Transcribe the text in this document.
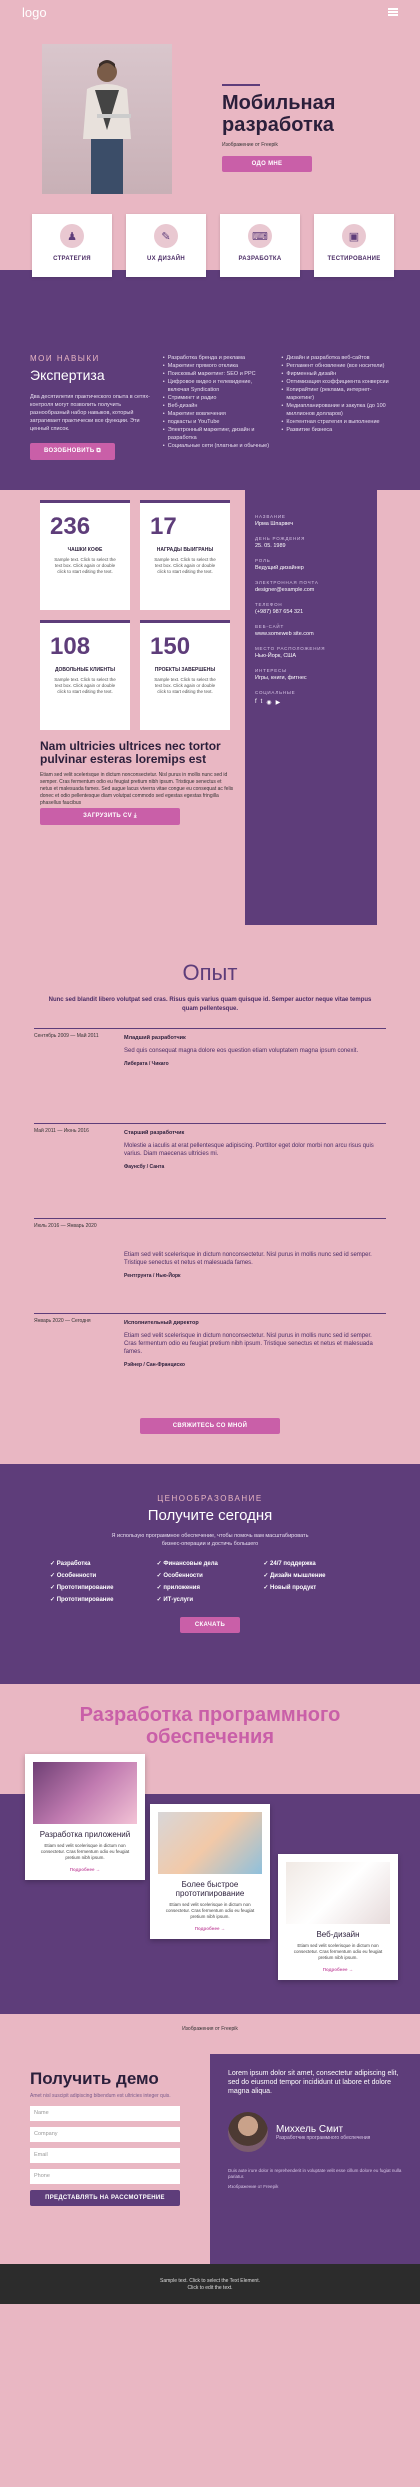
logo
Мобильная разработка
Изображение от Freepik
ОДО МНЕ
♟
СТРАТЕГИЯ
✎
UX ДИЗАЙН
⌨
РАЗРАБОТКА
▣
ТЕСТИРОВАНИЕ
МОИ НАВЫКИ
Экспертиза
Два десятилетия практического опыта в сетях-контроля могут позволить получить разнообразный набор навыков, который затрагивает практически все функции. Эти ценный список.
ВОЗОБНОВИТЬ ⧉
• Разработка бренда и реклама
• Маркетинг прямого отклика
• Поисковый маркетинг: SEO и PPC
• Цифровое видео и телевидение, включая Syndication
• Стримингт и радио
• Веб-дизайн
• Маркетинг вовлечения
• подкасты и YouTube
• Электронный маркетинг, дизайн и разработка
• Социальные сети (платные и обычные)
• Дизайн и разработка веб-сайтов
• Регламент обновление (все носители)
• Фирменный дизайн
• Оптимизация коэффициента конверсии
• Копирайтинг (реклама, интернет-маркетинг)
• Медиапланирование и закупка (до 100 миллионов долларов)
• Контентная стратегия и выполнение
• Развитие бизнеса
236
ЧАШКИ КОФЕ
Sample text. Click to select the text box. Click again or double click to start editing the text.
17
НАГРАДЫ ВЫИГРАНЫ
Sample text. Click to select the text box. Click again or double click to start editing the text.
108
ДОВОЛЬНЫЕ КЛИЕНТЫ
Sample text. Click to select the text box. Click again or double click to start editing the text.
150
ПРОЕКТЫ ЗАВЕРШЕНЫ
Sample text. Click to select the text box. Click again or double click to start editing the text.
НАЗВАНИЕ
Ирма Шпарвеч
ДЕНЬ РОЖДЕНИЯ
25. 05. 1989
РОЛЬ
Ведущий дизайнер
ЭЛЕКТРОННАЯ ПОЧТА
designer@example.com
ТЕЛЕФОН
(+987) 987 654 321
ВЕБ-САЙТ
www.someweb site.com
МЕСТО РАСПОЛОЖЕНИЯ
Нью-Йорк, США
ИНТЕРЕСЫ
Игры, книги, фитнес
СОЦИАЛЬНЫЕ
f t ◉ ▶
Nam ultricies ultrices nec tortor pulvinar esteras loremips est
Etiam sed velit scelerisque in dictum nonconsectetur. Nisl purus in mollis nunc sed id semper. Cras fermentum odio eu feugiat pretium nibh ipsum. Tristique senectus et netus et malesuada fames. Sed augue lacus viverra vitae congue eu consequat ac felis donec et odio pellentesque diam volutpat commodo sed egestas egestas fringilla phasellus faucibus
ЗАГРУЗИТЬ CV ⤓
Опыт
Nunc sed blandit libero volutpat sed cras. Risus quis varius quam quisque id. Semper auctor neque vitae tempus quam pellentesque.
Сентябрь 2009 — Май 2011	Младший разработчик
Sed quis consequat magna dolore eos question etiam voluptatem magna ipsum conexit.
Либерата / Чикаго
Май 2011 — Июнь 2016	Старший разработчик
Molestie a iaculis at erat pellentesque adipiscing. Porttitor eget dolor morbi non arcu risus quis varius. Diam maecenas ultricies mi.
Фаунсбу / Санта
Июль 2016 — Январь 2020
Etiam sed velit scelerisque in dictum nonconsectetur. Nisl purus in mollis nunc sed id semper. Tristique senectus et netus et malesuada fames.
Рентгрунта / Нью-Йорк
Январь 2020 — Сегодня	Исполнительный директор
Etiam sed velit scelerisque in dictum nonconsectetur. Nisl purus in mollis nunc sed id semper. Cras fermentum odio eu feugiat pretium nibh ipsum. Tristique senectus et netus et malesuada fames.
Рэйнер / Сан-Франциско
СВЯЖИТЕСЬ СО МНОЙ
ЦЕНООБРАЗОВАНИЕ
Получите сегодня
Я использую программное обеспечение, чтобы помочь вам масштабировать бизнес-операции и достичь большего
✓ Разработка	✓ Финансовые дела	✓ 24/7 поддержка
✓ Особенности	✓ Особенности	✓ Дизайн мышление
✓ Прототипирование	✓ приложения	✓ Новый продукт
✓ Прототипирование	✓ ИТ-услуги
СКАЧАТЬ
Разработка программного обеспечения
Разработка приложений
Etiam sed velit scelerisque in dictum non consectetur. Cras fermentum odio eu feugiat pretium nibh ipsum.
Подробнее →
Более быстрое прототипирование
Etiam sed velit scelerisque in dictum non consectetur. Cras fermentum odio eu feugiat pretium nibh ipsum.
Подробнее →
Веб-дизайн
Etiam sed velit scelerisque in dictum non consectetur. Cras fermentum odio eu feugiat pretium nibh ipsum.
Подробнее →
Изображения от Freepik
Получить демо
Amet nisl suscipit adipiscing bibendum est ultricies integer quis.
Name
Company
Email
Phone
ПРЕДСТАВЛЯТЬ НА РАССМОТРЕНИЕ
Lorem ipsum dolor sit amet, consectetur adipiscing elit, sed do eiusmod tempor incididunt ut labore et dolore magna aliqua.
Миххель Смит
Разработчик программного обеспечения
Duis aute irure dolor in reprehenderit in voluptate velit esse cillum dolore eu fugiat nulla pariatur.
Изображение от Freepik
Sample text. Click to select the Text Element.
Click to edit the text.
